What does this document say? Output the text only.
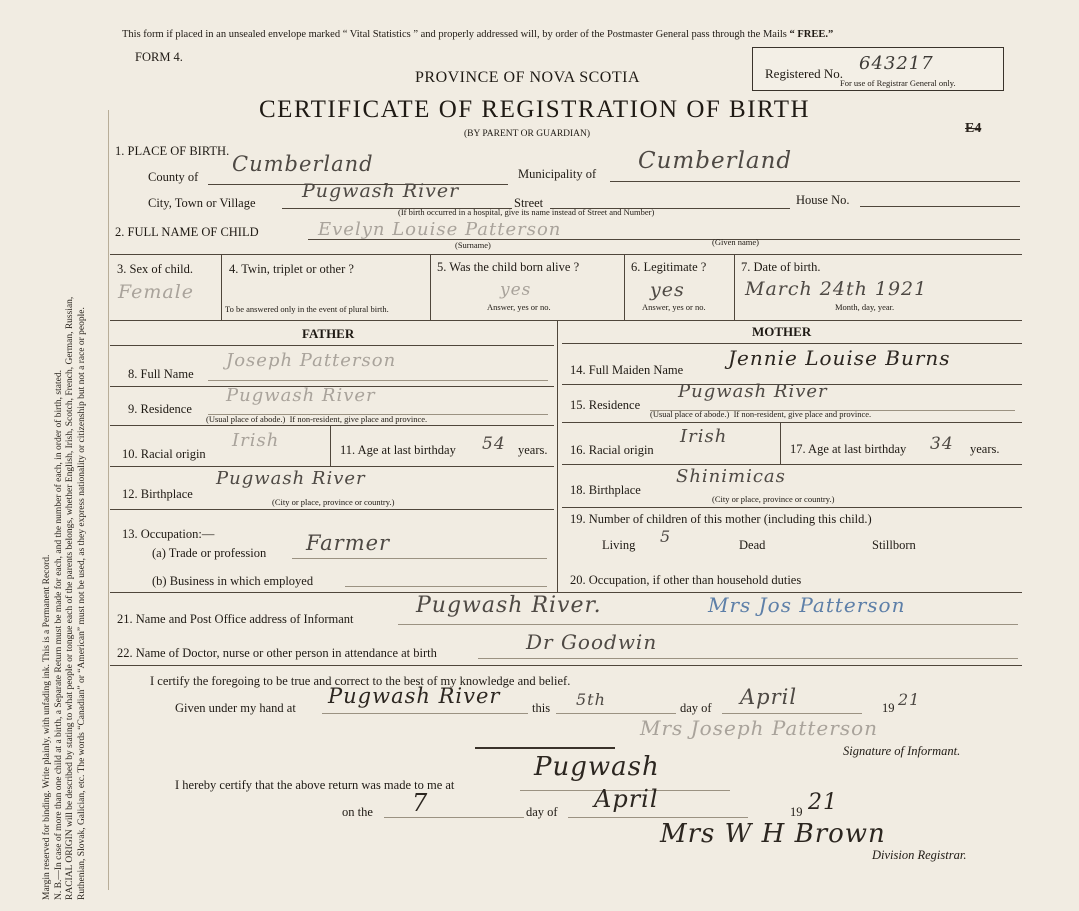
Margin reserved for binding. Write plainly, with unfading ink. This is a Permanent Record. N. B.—In case of more than one child at a birth, a Separate Return must be made for each, and the number of each, in order of birth, stated. RACIAL ORIGIN will be described by stating to what people or tongue each of the parents belongs, whether English, Irish, Scotch, French, German, Russian, Ruthenian, Slovak, Galician, etc. The words “Canadian” or “American” must not be used, as they express nationality or citizenship but not a race or people.
This form if placed in an unsealed envelope marked “ Vital Statistics ” and properly addressed will, by order of the Postmaster General pass through the Mails “ FREE.”
FORM 4.
PROVINCE OF NOVA SCOTIA
CERTIFICATE OF REGISTRATION OF BIRTH
(BY PARENT OR GUARDIAN)
Registered No. 643217
For use of Registrar General only.
E4
1. PLACE OF BIRTH.
County of
Cumberland	Municipality of Cumberland
City, Town or Village
Pugwash River
Street	House No.
(If birth occurred in a hospital, give its name instead of Street and Number)
2. FULL NAME OF CHILD	Evelyn Louise Patterson
(Surname)	(Given name)
3. Sex of child.
Female
4. Twin, triplet or other ?
To be answered only in the event of plural birth.
5. Was the child born alive ?
yes
Answer, yes or no.
6. Legitimate ?
yes
Answer, yes or no.
7. Date of birth.
March 24th 1921
Month, day, year.
FATHER	MOTHER
8. Full Name
Joseph Patterson
9. Residence
Pugwash River
(Usual place of abode.) If non-resident, give place and province.
10. Racial origin
Irish	11. Age at last birthday 54 years.
12. Birthplace
Pugwash River
(City or place, province or country.)
13. Occupation:—
(a) Trade or profession Farmer
(b) Business in which employed
14. Full Maiden Name Jennie Louise Burns
15. Residence
Pugwash River
(Usual place of abode.) If non-resident, give place and province.
16. Racial origin
Irish
17. Age at last birthday 34 years.
18. Birthplace
Shinimicas
(City or place, province or country.)
19. Number of children of this mother (including this child.)
Living 5	Dead	Stillborn
20. Occupation, if other than household duties
21. Name and Post Office address of Informant
Pugwash River.	Mrs Jos Patterson
22. Name of Doctor, nurse or other person in attendance at birth	Dr Goodwin
I certify the foregoing to be true and correct to the best of my knowledge and belief.
Given under my hand at Pugwash River	this 5th	day of April	19 21
Mrs Joseph Patterson
Signature of Informant.
I hereby certify that the above return was made to me at
Pugwash
on the 7	day of April	19 21
Mrs W H Brown
Division Registrar.
